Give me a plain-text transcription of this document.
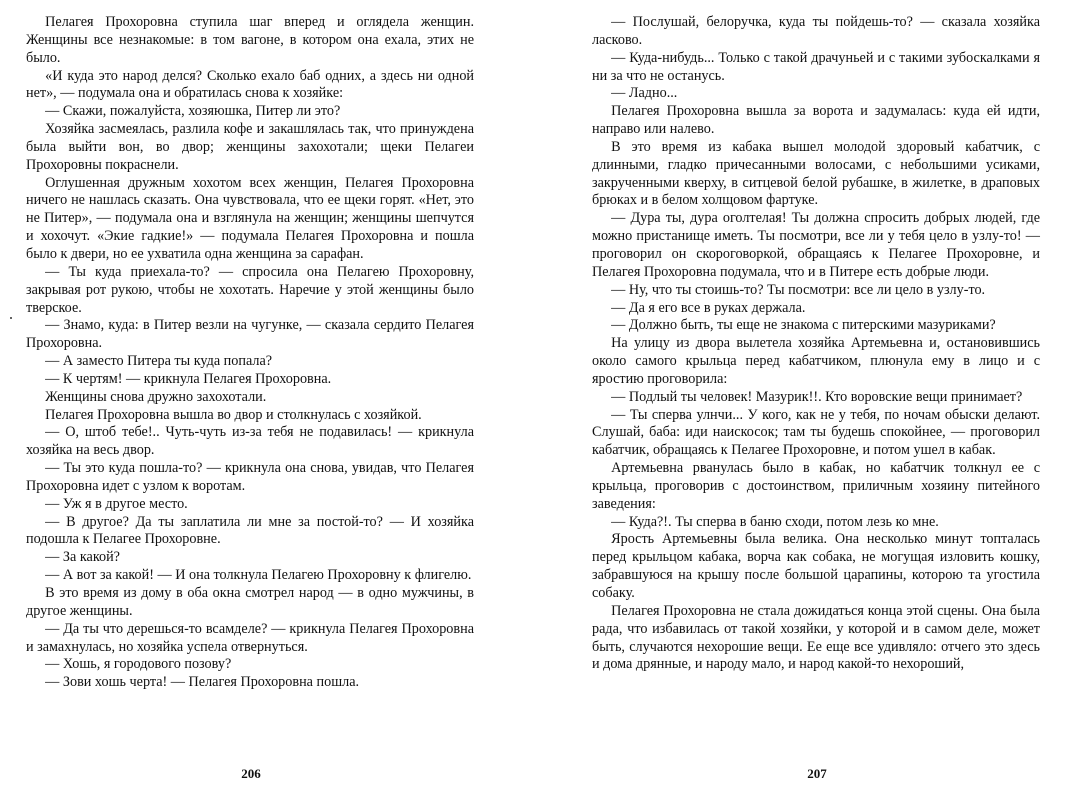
Пелагея Прохоровна ступила шаг вперед и оглядела женщин. Женщины все незнакомые: в том вагоне, в котором она ехала, этих не было.

«И куда это народ делся? Сколько ехало баб одних, а здесь ни одной нет», — подумала она и обратилась снова к хозяйке:

— Скажи, пожалуйста, хозяюшка, Питер ли это?

Хозяйка засмеялась, разлила кофе и закашлялась так, что принуждена была выйти вон, во двор; женщины захохотали; щеки Пелагеи Прохоровны покраснели.

Оглушенная дружным хохотом всех женщин, Пелагея Прохоровна ничего не нашлась сказать. Она чувствовала, что ее щеки горят. «Нет, это не Питер», — подумала она и взглянула на женщин; женщины шепчутся и хохочут. «Экие гадкие!» — подумала Пелагея Прохоровна и пошла было к двери, но ее ухватила одна женщина за сарафан.

— Ты куда приехала-то? — спросила она Пелагею Прохоровну, закрывая рот рукою, чтобы не хохотать. Наречие у этой женщины было тверское.

— Знамо, куда: в Питер везли на чугунке, — сказала сердито Пелагея Прохоровна.

— А заместо Питера ты куда попала?

— К чертям! — крикнула Пелагея Прохоровна.

Женщины снова дружно захохотали.

Пелагея Прохоровна вышла во двор и столкнулась с хозяйкой.

— О, штоб тебе!.. Чуть-чуть из-за тебя не подавилась! — крикнула хозяйка на весь двор.

— Ты это куда пошла-то? — крикнула она снова, увидав, что Пелагея Прохоровна идет с узлом к воротам.

— Уж я в другое место.

— В другое? Да ты заплатила ли мне за постой-то? — И хозяйка подошла к Пелагее Прохоровне.

— За какой?

— А вот за какой! — И она толкнула Пелагею Прохоровну к флигелю.

В это время из дому в оба окна смотрел народ — в одно мужчины, в другое женщины.

— Да ты что дерешься-то всамделе? — крикнула Пелагея Прохоровна и замахнулась, но хозяйка успела отвернуться.

— Хошь, я городового позову?

— Зови хошь черта! — Пелагея Прохоровна пошла.

206

— Послушай, белоручка, куда ты пойдешь-то? — сказала хозяйка ласково.

— Куда-нибудь... Только с такой драчуньей и с такими зубоскалками я ни за что не останусь.

— Ладно...

Пелагея Прохоровна вышла за ворота и задумалась: куда ей идти, направо или налево.

В это время из кабака вышел молодой здоровый кабатчик, с длинными, гладко причесанными волосами, с небольшими усиками, закрученными кверху, в ситцевой белой рубашке, в жилетке, в драповых брюках и в белом холщовом фартуке.

— Дура ты, дура оголтелая! Ты должна спросить добрых людей, где можно пристанище иметь. Ты посмотри, все ли у тебя цело в узлу-то! — проговорил он скороговоркой, обращаясь к Пелагее Прохоровне, и Пелагея Прохоровна подумала, что и в Питере есть добрые люди.

— Ну, что ты стоишь-то? Ты посмотри: все ли цело в узлу-то.

— Да я его все в руках держала.

— Должно быть, ты еще не знакома с питерскими мазуриками?

На улицу из двора вылетела хозяйка Артемьевна и, остановившись около самого крыльца перед кабатчиком, плюнула ему в лицо и с яростию проговорила:

— Подлый ты человек! Мазурик!!. Кто воровские вещи принимает?

— Ты сперва улнчи... У кого, как не у тебя, по ночам обыски делают. Слушай, баба: иди наискосок; там ты будешь спокойнее, — проговорил кабатчик, обращаясь к Пелагее Прохоровне, и потом ушел в кабак.

Артемьевна рванулась было в кабак, но кабатчик толкнул ее с крыльца, проговорив с достоинством, приличным хозяину питейного заведения:

— Куда?!. Ты сперва в баню сходи, потом лезь ко мне.

Ярость Артемьевны была велика. Она несколько минут топталась перед крыльцом кабака, ворча как собака, не могущая изловить кошку, забравшуюся на крышу после большой царапины, которою та угостила собаку.

Пелагея Прохоровна не стала дожидаться конца этой сцены. Она была рада, что избавилась от такой хозяйки, у которой и в самом деле, может быть, случаются нехорошие вещи. Ее еще все удивляло: отчего это здесь и дома дрянные, и народу мало, и народ какой-то нехороший,

207
